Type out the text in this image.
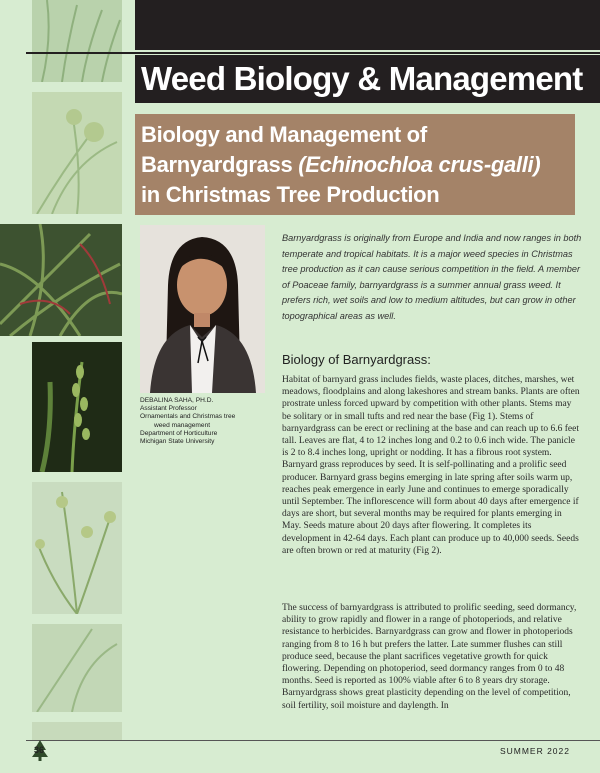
Weed Biology & Management
Biology and Management of
Barnyardgrass (Echinochloa crus-galli)
in Christmas Tree Production
DEBALINA SAHA, PH.D.
Assistant Professor
Ornamentals and Christmas tree
weed management
Department of Horticulture
Michigan State University
Barnyardgrass is originally from Europe and India and now ranges in both temperate and tropical habitats. It is a major weed species in Christmas tree production as it can cause serious competition in the field. A member of Poaceae family, barnyardgrass is a summer annual grass weed. It prefers rich, wet soils and low to medium altitudes, but can grow in other topographical areas as well.
Biology of Barnyardgrass:
Habitat of barnyard grass includes fields, waste places, ditches, marshes, wet meadows, floodplains and along lakeshores and stream banks. Plants are often prostrate unless forced upward by competition with other plants. Stems may be solitary or in small tufts and red near the base (Fig 1). Stems of barnyardgrass can be erect or reclining at the base and can reach up to 6.6 feet tall. Leaves are flat, 4 to 12 inches long and 0.2 to 0.6 inch wide. The panicle is 2 to 8.4 inches long, upright or nodding. It has a fibrous root system. Barnyard grass reproduces by seed. It is self-pollinating and a prolific seed producer. Barnyard grass begins emerging in late spring after soils warm up, reaches peak emergence in early June and continues to emerge sporadically until September. The inflorescence will form about 40 days after emergence if days are short, but several months may be required for plants emerging in May. Seeds mature about 20 days after flowering. It completes its development in 42-64 days. Each plant can produce up to 40,000 seeds. Seeds are often brown or red at maturity (Fig 2).
The success of barnyardgrass is attributed to prolific seeding, seed dormancy, ability to grow rapidly and flower in a range of photoperiods, and relative resistance to herbicides. Barnyardgrass can grow and flower in photoperiods ranging from 8 to 16 h but prefers the latter. Late summer flushes can still produce seed, because the plant sacrifices vegetative growth for quick flowering. Depending on photoperiod, seed dormancy ranges from 0 to 48 months. Seed is reported as 100% viable after 6 to 8 years dry storage. Barnyardgrass shows great plasticity depending on the level of competition, soil fertility, soil moisture and daylength. In
36	SUMMER 2022
